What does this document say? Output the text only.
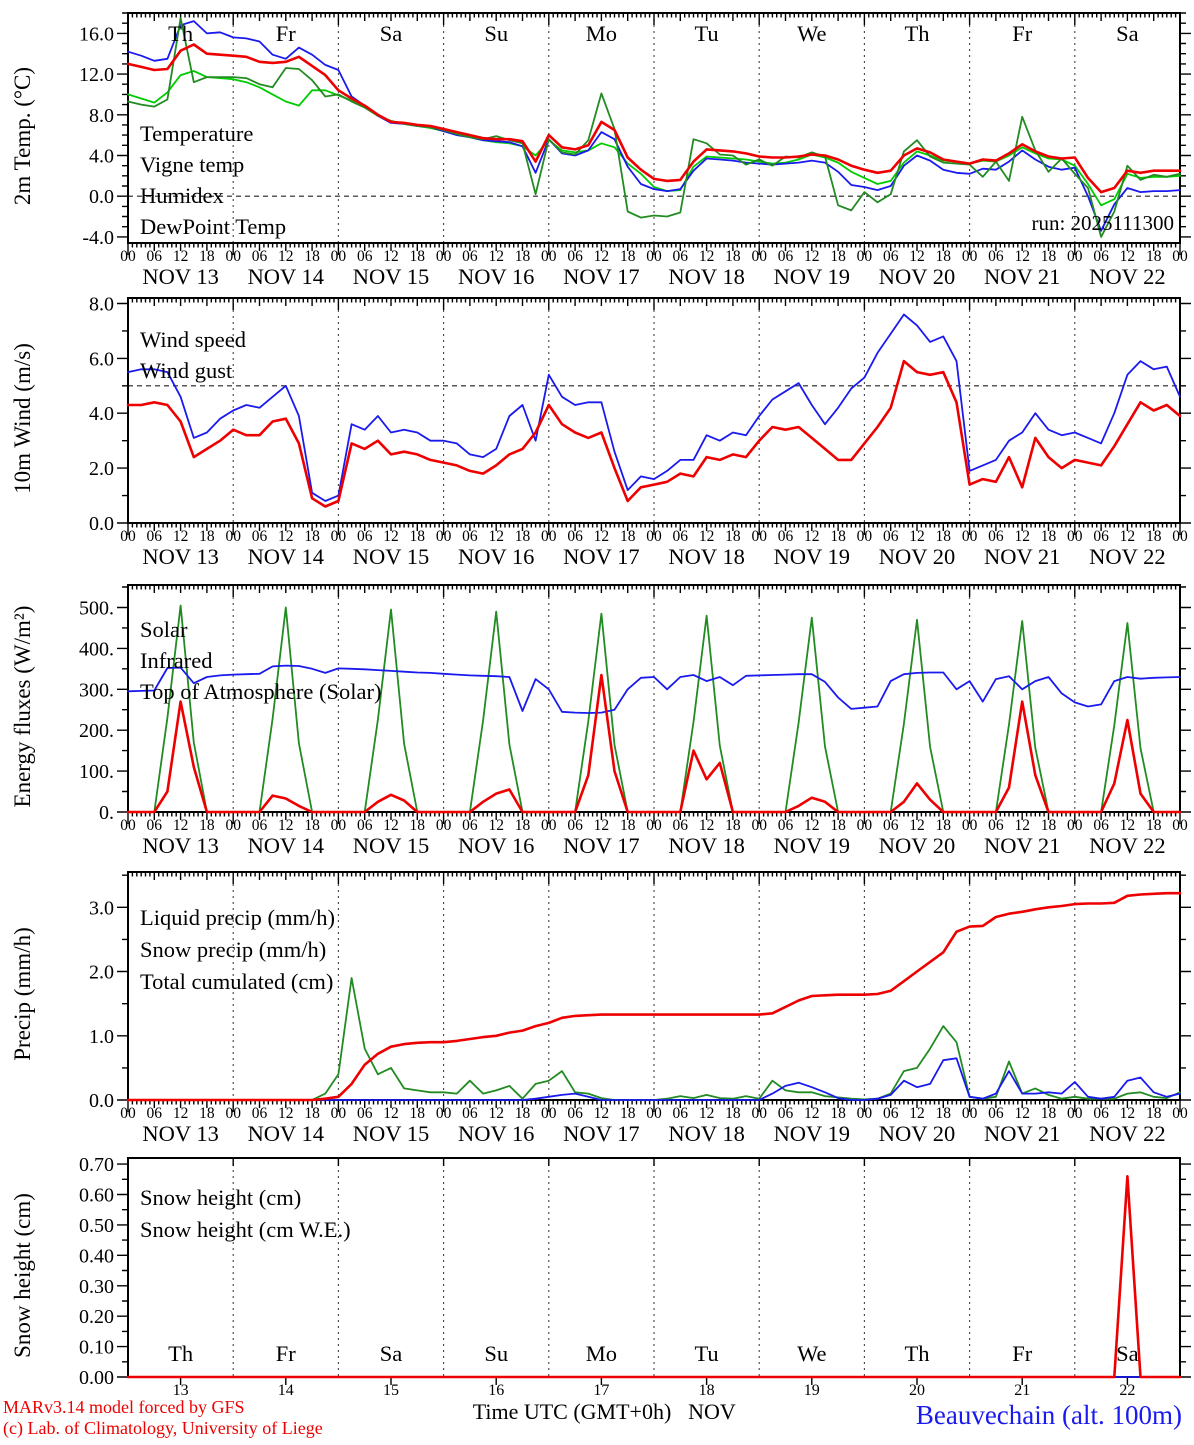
-4.0
0.0
4.0
8.0
12.0
16.0
Temperature
Vigne temp
Humidex
DewPoint Temp
00 06 12 18
NOV 13
00 06 12 18
NOV 14
00 06 12 18
NOV 15
00 06 12 18
NOV 16
00 06 12 18
NOV 17
00 06 12 18
NOV 18
00 06 12 18
NOV 19
00 06 12 18
NOV 20
00 06 12 18
NOV 21
00 06 12 18
NOV 22
00
Th	Fr	Sa	Su	Mo	Tu	We	Th	Fr	Sa
2m Temp. (°C)
0.0
2.0
4.0
6.0
8.0
Wind speed
Wind gust
00 06 12 18
NOV 13
00 06 12 18
NOV 14
00 06 12 18
NOV 15
00 06 12 18
NOV 16
00 06 12 18
NOV 17
00 06 12 18
NOV 18
00 06 12 18
NOV 19
00 06 12 18
NOV 20
00 06 12 18
NOV 21
00 06 12 18
NOV 22
00
10m Wind (m/s)
0.
100.
200.
300.
400.
500.
Solar
Infrared
Top of Atmosphere (Solar)
00 06 12 18
NOV 13
00 06 12 18
NOV 14
00 06 12 18
NOV 15
00 06 12 18
NOV 16
00 06 12 18
NOV 17
00 06 12 18
NOV 18
00 06 12 18
NOV 19
00 06 12 18
NOV 20
00 06 12 18
NOV 21
00 06 12 18
NOV 22
00
Energy fluxes (W/m²)
0.0
1.0
2.0
3.0 Liquid precip (mm/h)
Snow precip (mm/h)
Total cumulated (cm)
00 06 12 18
NOV 13
00 06 12 18
NOV 14
00 06 12 18
NOV 15
00 06 12 18
NOV 16
00 06 12 18
NOV 17
00 06 12 18
NOV 18
00 06 12 18
NOV 19
00 06 12 18
NOV 20
00 06 12 18
NOV 21
00 06 12 18
NOV 22
00
Precip (mm/h)
0.00
0.10
0.20
0.30
0.40
0.50
0.60
0.70
Snow height (cm)
Snow height (cm W.E.)
13	14	15	16	17	18	19	20	21	22
Th	Fr	Sa	Su	Mo	Tu	We	Th	Fr	Sa
Snow height (cm)
run: 2025111300
MARv3.14 model forced by GFS
(c) Lab. of Climatology, University of Liege
Time UTC (GMT+0h) NOV	Beauvechain (alt. 100m)
